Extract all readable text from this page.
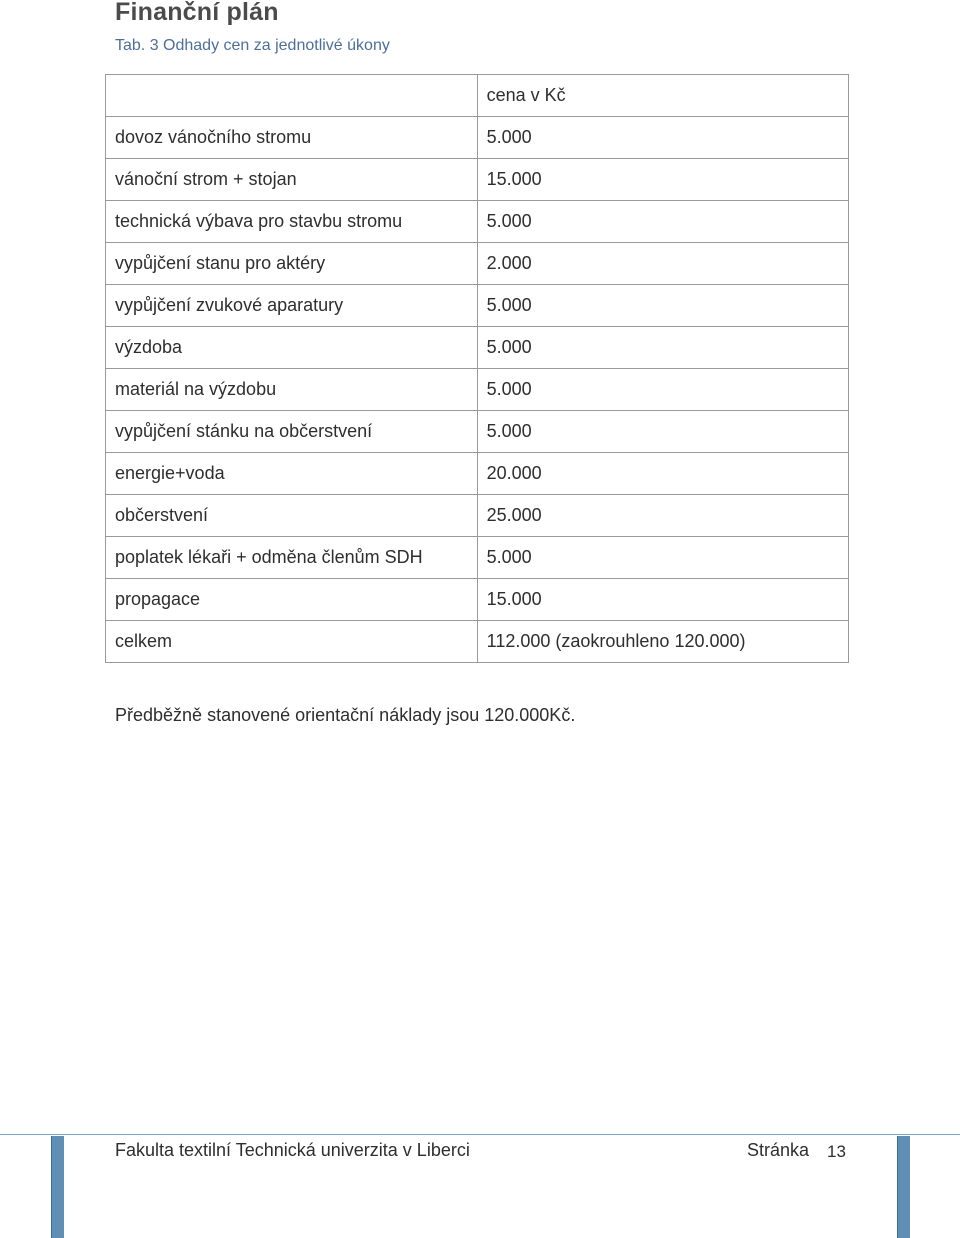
Finanční plán
Tab. 3 Odhady cen za jednotlivé úkony
	cena v Kč
dovoz vánočního stromu	5.000
vánoční strom + stojan	15.000
technická výbava pro stavbu stromu	5.000
vypůjčení stanu pro aktéry	2.000
vypůjčení zvukové aparatury	5.000
výzdoba	5.000
materiál na výzdobu	5.000
vypůjčení stánku na občerstvení	5.000
energie+voda	20.000
občerstvení	25.000
poplatek lékaři + odměna členům SDH	5.000
propagace	15.000
celkem	112.000 (zaokrouhleno 120.000)

Předběžně stanovené orientační náklady jsou 120.000Kč.

Fakulta textilní Technická univerzita v Liberci	Stránka 13
